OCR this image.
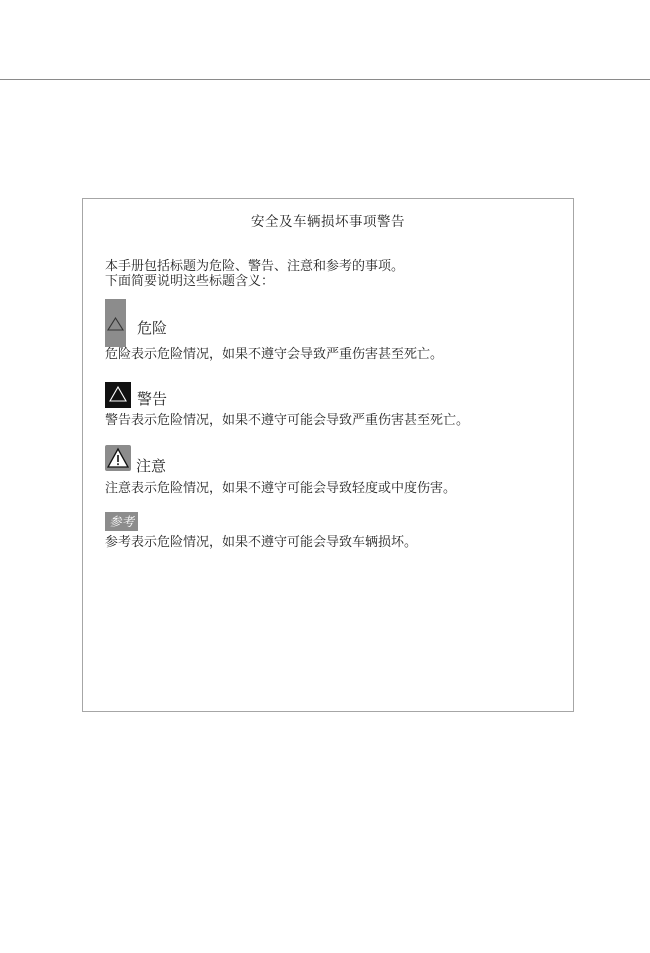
安全及车辆损坏事项警告
本手册包括标题为危险、警告、注意和参考的事项。
下面简要说明这些标题含义：
危险
危险表示危险情况，如果不遵守会导致严重伤害甚至死亡。
警告
警告表示危险情况，如果不遵守可能会导致严重伤害甚至死亡。
注意
注意表示危险情况，如果不遵守可能会导致轻度或中度伤害。
参考
参考表示危险情况，如果不遵守可能会导致车辆损坏。
